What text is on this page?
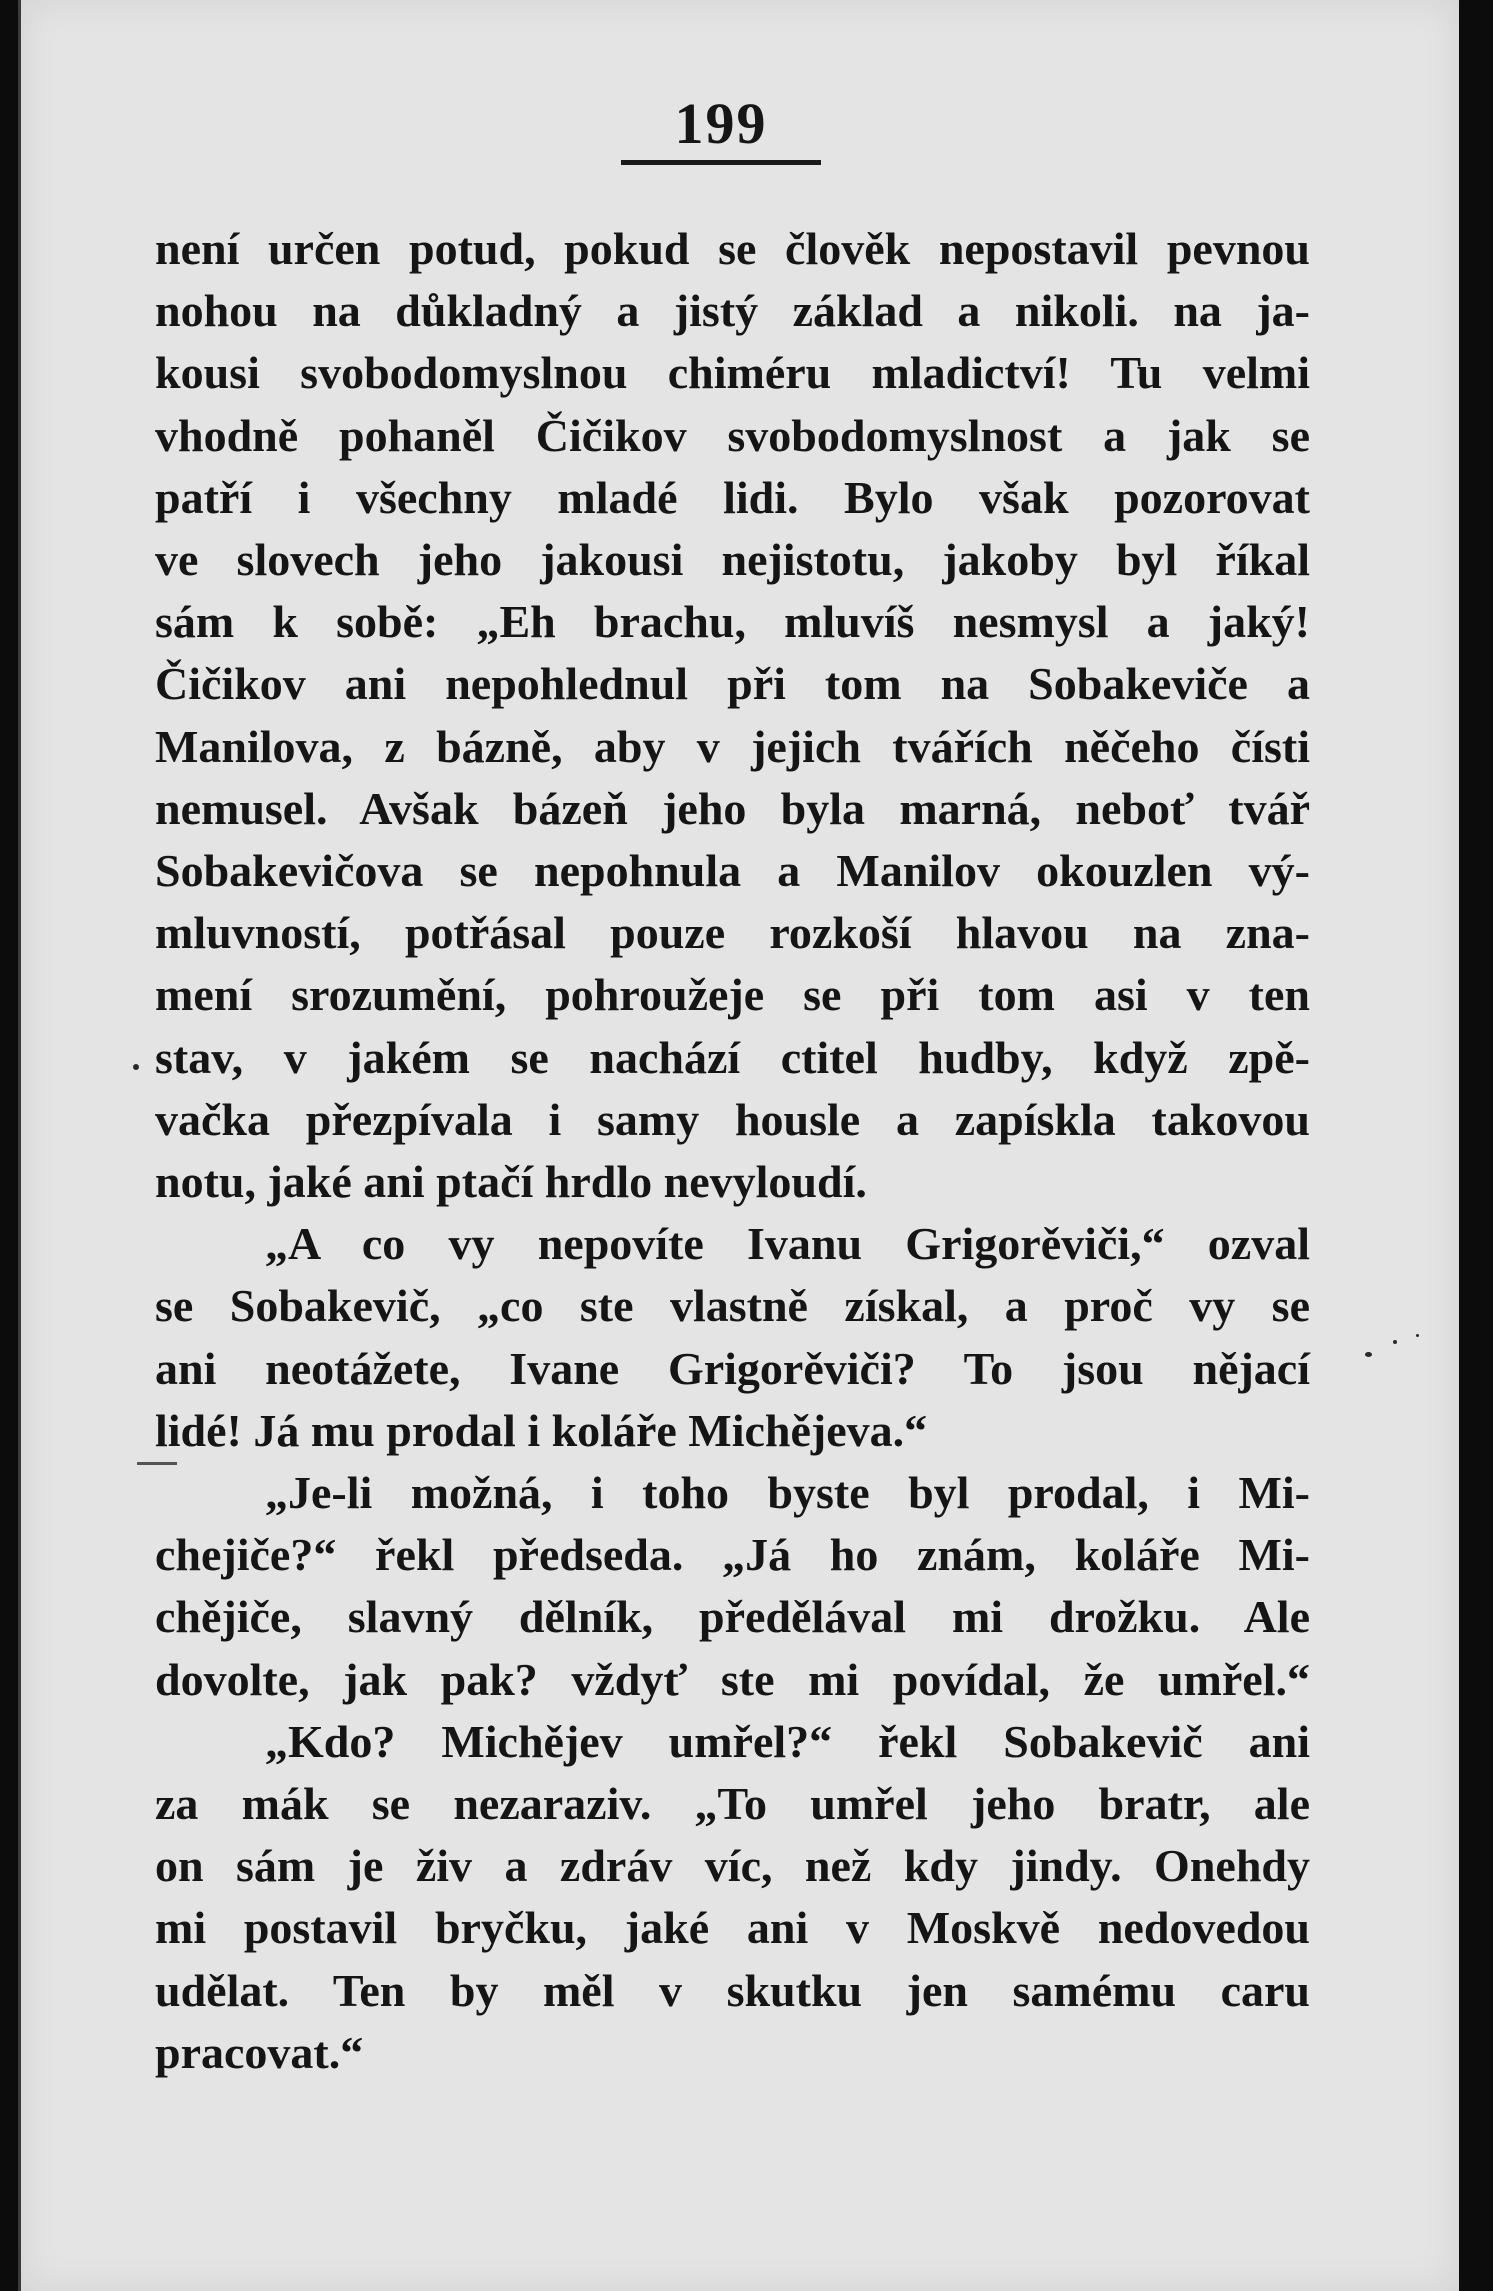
199
není určen potud, pokud se člověk nepostavil pevnou
nohou na důkladný a jistý základ a nikoli. na ja-
kousi svobodomyslnou chiméru mladictví! Tu velmi
vhodně pohaněl Čičikov svobodomyslnost a jak se
patří i všechny mladé lidi. Bylo však pozorovat
ve slovech jeho jakousi nejistotu, jakoby byl říkal
sám k sobě: „Eh brachu, mluvíš nesmysl a jaký!
Čičikov ani nepohlednul při tom na Sobakeviče a
Manilova, z bázně, aby v jejich tvářích něčeho čísti
nemusel. Avšak bázeň jeho byla marná, neboť tvář
Sobakevičova se nepohnula a Manilov okouzlen vý-
mluvností, potřásal pouze rozkoší hlavou na zna-
mení srozumění, pohroužeje se při tom asi v ten
stav, v jakém se nachází ctitel hudby, když zpě-
vačka přezpívala i samy housle a zapískla takovou
notu, jaké ani ptačí hrdlo nevyloudí.
„A co vy nepovíte Ivanu Grigorěviči,“ ozval
se Sobakevič, „co ste vlastně získal, a proč vy se
ani neotážete, Ivane Grigorěviči? To jsou nějací
lidé! Já mu prodal i koláře Michějeva.“
„Je-li možná, i toho byste byl prodal, i Mi-
chejiče?“ řekl předseda. „Já ho znám, koláře Mi-
chějiče, slavný dělník, předělával mi drožku. Ale
dovolte, jak pak? vždyť ste mi povídal, že umřel.“
„Kdo? Michějev umřel?“ řekl Sobakevič ani
za mák se nezaraziv. „To umřel jeho bratr, ale
on sám je živ a zdráv víc, než kdy jindy. Onehdy
mi postavil bryčku, jaké ani v Moskvě nedovedou
udělat. Ten by měl v skutku jen samému caru
pracovat.“
